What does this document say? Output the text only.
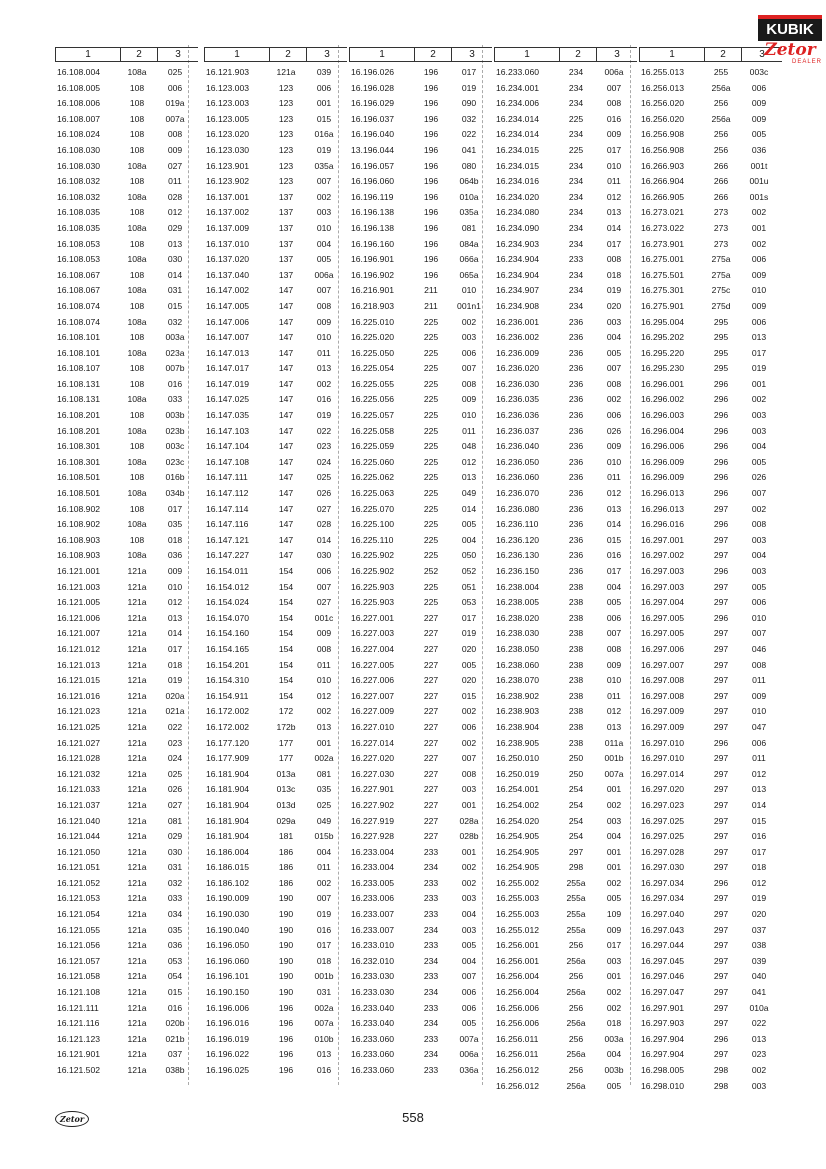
1	2	3
16.108.004	108a	025
16.108.005	108	006
16.108.006	108	019a
16.108.007	108	007a
16.108.024	108	008
16.108.030	108	009
16.108.030	108a	027
16.108.032	108	011
16.108.032	108a	028
16.108.035	108	012
16.108.035	108a	029
16.108.053	108	013
16.108.053	108a	030
16.108.067	108	014
16.108.067	108a	031
16.108.074	108	015
16.108.074	108a	032
16.108.101	108	003a
16.108.101	108a	023a
16.108.107	108	007b
16.108.131	108	016
16.108.131	108a	033
16.108.201	108	003b
16.108.201	108a	023b
16.108.301	108	003c
16.108.301	108a	023c
16.108.501	108	016b
16.108.501	108a	034b
16.108.902	108	017
16.108.902	108a	035
16.108.903	108	018
16.108.903	108a	036
16.121.001	121a	009
16.121.003	121a	010
16.121.005	121a	012
16.121.006	121a	013
16.121.007	121a	014
16.121.012	121a	017
16.121.013	121a	018
16.121.015	121a	019
16.121.016	121a	020a
16.121.023	121a	021a
16.121.025	121a	022
16.121.027	121a	023
16.121.028	121a	024
16.121.032	121a	025
16.121.033	121a	026
16.121.037	121a	027
16.121.040	121a	081
16.121.044	121a	029
16.121.050	121a	030
16.121.051	121a	031
16.121.052	121a	032
16.121.053	121a	033
16.121.054	121a	034
16.121.055	121a	035
16.121.056	121a	036
16.121.057	121a	053
16.121.058	121a	054
16.121.108	121a	015
16.121.111	121a	016
16.121.116	121a	020b
16.121.123	121a	021b
16.121.901	121a	037
16.121.502	121a	038b
1	2	3
16.121.903	121a	039
16.123.003	123	006
16.123.003	123	001
16.123.005	123	015
16.123.020	123	016a
16.123.030	123	019
16.123.901	123	035a
16.123.902	123	007
16.137.001	137	002
16.137.002	137	003
16.137.009	137	010
16.137.010	137	004
16.137.020	137	005
16.137.040	137	006a
16.147.002	147	007
16.147.005	147	008
16.147.006	147	009
16.147.007	147	010
16.147.013	147	011
16.147.017	147	013
16.147.019	147	002
16.147.025	147	016
16.147.035	147	019
16.147.103	147	022
16.147.104	147	023
16.147.108	147	024
16.147.111	147	025
16.147.112	147	026
16.147.114	147	027
16.147.116	147	028
16.147.121	147	014
16.147.227	147	030
16.154.011	154	006
16.154.012	154	007
16.154.024	154	027
16.154.070	154	001c
16.154.160	154	009
16.154.165	154	008
16.154.201	154	011
16.154.310	154	010
16.154.911	154	012
16.172.002	172	002
16.172.002	172b	013
16.177.120	177	001
16.177.909	177	002a
16.181.904	013a	081
16.181.904	013c	035
16.181.904	013d	025
16.181.904	029a	049
16.181.904	181	015b
16.186.004	186	004
16.186.015	186	011
16.186.102	186	002
16.190.009	190	007
16.190.030	190	019
16.190.040	190	016
16.196.050	190	017
16.196.060	190	018
16.196.101	190	001b
16.190.150	190	031
16.196.006	196	002a
16.196.016	196	007a
16.196.019	196	010b
16.196.022	196	013
16.196.025	196	016
1	2	3
16.196.026	196	017
16.196.028	196	019
16.196.029	196	090
16.196.037	196	032
16.196.040	196	022
13.196.044	196	041
16.196.057	196	080
16.196.060	196	064b
16.196.119	196	010a
16.196.138	196	035a
16.196.138	196	081
16.196.160	196	084a
16.196.901	196	066a
16.196.902	196	065a
16.216.901	211	010
16.218.903	211	001n1
16.225.010	225	002
16.225.020	225	003
16.225.050	225	006
16.225.054	225	007
16.225.055	225	008
16.225.056	225	009
16.225.057	225	010
16.225.058	225	011
16.225.059	225	048
16.225.060	225	012
16.225.062	225	013
16.225.063	225	049
16.225.070	225	014
16.225.100	225	005
16.225.110	225	004
16.225.902	225	050
16.225.902	252	052
16.225.903	225	051
16.225.903	225	053
16.227.001	227	017
16.227.003	227	019
16.227.004	227	020
16.227.005	227	005
16.227.006	227	020
16.227.007	227	015
16.227.009	227	002
16.227.010	227	006
16.227.014	227	002
16.227.020	227	007
16.227.030	227	008
16.227.901	227	003
16.227.902	227	001
16.227.919	227	028a
16.227.928	227	028b
16.233.004	233	001
16.233.004	234	002
16.233.005	233	002
16.233.006	233	003
16.233.007	233	004
16.233.007	234	003
16.233.010	233	005
16.232.010	234	004
16.233.030	233	007
16.233.030	234	006
16.233.040	233	006
16.233.040	234	005
16.233.060	233	007a
16.233.060	234	006a
16.233.060	233	036a
1	2	3
16.233.060	234	006a
16.234.001	234	007
16.234.006	234	008
16.234.014	225	016
16.234.014	234	009
16.234.015	225	017
16.234.015	234	010
16.234.016	234	011
16.234.020	234	012
16.234.080	234	013
16.234.090	234	014
16.234.903	234	017
16.234.904	233	008
16.234.904	234	018
16.234.907	234	019
16.234.908	234	020
16.236.001	236	003
16.236.002	236	004
16.236.009	236	005
16.236.020	236	007
16.236.030	236	008
16.236.035	236	002
16.236.036	236	006
16.236.037	236	026
16.236.040	236	009
16.236.050	236	010
16.236.060	236	011
16.236.070	236	012
16.236.080	236	013
16.236.110	236	014
16.236.120	236	015
16.236.130	236	016
16.236.150	236	017
16.238.004	238	004
16.238.005	238	005
16.238.020	238	006
16.238.030	238	007
16.238.050	238	008
16.238.060	238	009
16.238.070	238	010
16.238.902	238	011
16.238.903	238	012
16.238.904	238	013
16.238.905	238	011a
16.250.010	250	001b
16.250.019	250	007a
16.254.001	254	001
16.254.002	254	002
16.254.020	254	003
16.254.905	254	004
16.254.905	297	001
16.254.905	298	001
16.255.002	255a	002
16.255.003	255a	005
16.255.003	255a	109
16.255.012	255a	009
16.256.001	256	017
16.256.001	256a	003
16.256.004	256	001
16.256.004	256a	002
16.256.006	256	002
16.256.006	256a	018
16.256.011	256	003a
16.256.011	256a	004
16.256.012	256	003b
16.256.012	256a	005
1	2	3
16.255.013	255	003c
16.256.013	256a	006
16.256.020	256	009
16.256.020	256a	009
16.256.908	256	005
16.256.908	256	036
16.266.903	266	001t
16.266.904	266	001u
16.266.905	266	001s
16.273.021	273	002
16.273.022	273	001
16.273.901	273	002
16.275.001	275a	006
16.275.501	275a	009
16.275.301	275c	010
16.275.901	275d	009
16.295.004	295	006
16.295.202	295	013
16.295.220	295	017
16.295.230	295	019
16.296.001	296	001
16.296.002	296	002
16.296.003	296	003
16.296.004	296	003
16.296.006	296	004
16.296.009	296	005
16.296.009	296	026
16.296.013	296	007
16.296.013	297	002
16.296.016	296	008
16.297.001	297	003
16.297.002	297	004
16.297.003	296	003
16.297.003	297	005
16.297.004	297	006
16.297.005	296	010
16.297.005	297	007
16.297.006	297	046
16.297.007	297	008
16.297.008	297	011
16.297.008	297	009
16.297.009	297	010
16.297.009	297	047
16.297.010	296	006
16.297.010	297	011
16.297.014	297	012
16.297.020	297	013
16.297.023	297	014
16.297.025	297	015
16.297.025	297	016
16.297.028	297	017
16.297.030	297	018
16.297.034	296	012
16.297.034	297	019
16.297.040	297	020
16.297.043	297	037
16.297.044	297	038
16.297.045	297	039
16.297.046	297	040
16.297.047	297	041
16.297.901	297	010a
16.297.903	297	022
16.297.904	296	013
16.297.904	297	023
16.298.005	298	002
16.298.010	298	003
KUBIK
Zetor
DEALER
Zetor	558
